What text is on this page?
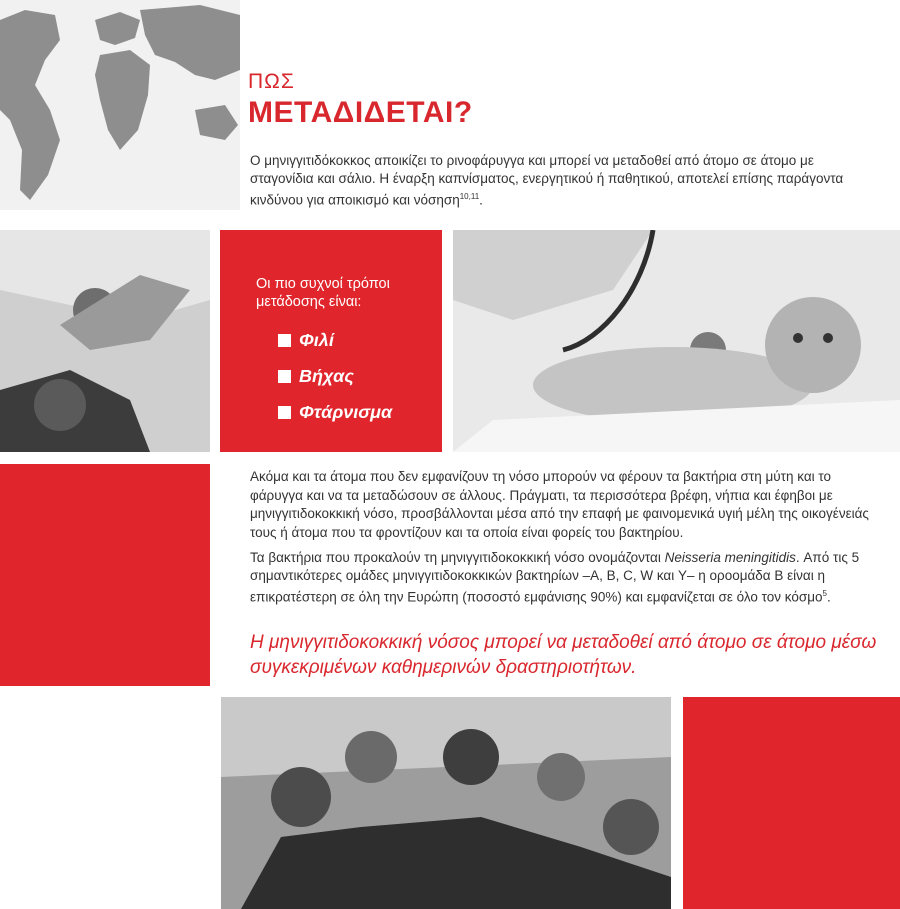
ΠΩΣ
ΜΕΤΑΔΙΔΕΤΑΙ?

Ο μηνιγγιτιδόκοκκος αποικίζει το ρινοφάρυγγα και μπορεί να μεταδοθεί από άτομο σε άτομο με σταγονίδια και σάλιο. Η έναρξη καπνίσματος, ενεργητικού ή παθητικού, αποτελεί επίσης παράγοντα κινδύνου για αποικισμό και νόσηση$^{10,11}$.

Οι πιο συχνοί τρόποι μετάδοσης είναι:
Φιλί
Βήχας
Φτάρνισμα

Ακόμα και τα άτομα που δεν εμφανίζουν τη νόσο μπορούν να φέρουν τα βακτήρια στη μύτη και το φάρυγγα και να τα μεταδώσουν σε άλλους. Πράγματι, τα περισσότερα βρέφη, νήπια και έφηβοι με μηνιγγιτιδοκοκκική νόσο, προσβάλλονται μέσα από την επαφή με φαινομενικά υγιή μέλη της οικογένειάς τους ή άτομα που τα φροντίζουν και τα οποία είναι φορείς του βακτηρίου.

Τα βακτήρια που προκαλούν τη μηνιγγιτιδοκοκκική νόσο ονομάζονται Neisseria meningitidis. Από τις 5 σημαντικότερες ομάδες μηνιγγιτιδοκοκκικών βακτηρίων –Α, Β, C, W και Y– η οροομάδα Β είναι η επικρατέστερη σε όλη την Ευρώπη (ποσοστό εμφάνισης 90%) και εμφανίζεται σε όλο τον κόσμο$^5$.

Η μηνιγγιτιδοκοκκική νόσος μπορεί να μεταδοθεί από άτομο σε άτομο μέσω συγκεκριμένων καθημερινών δραστηριοτήτων.
